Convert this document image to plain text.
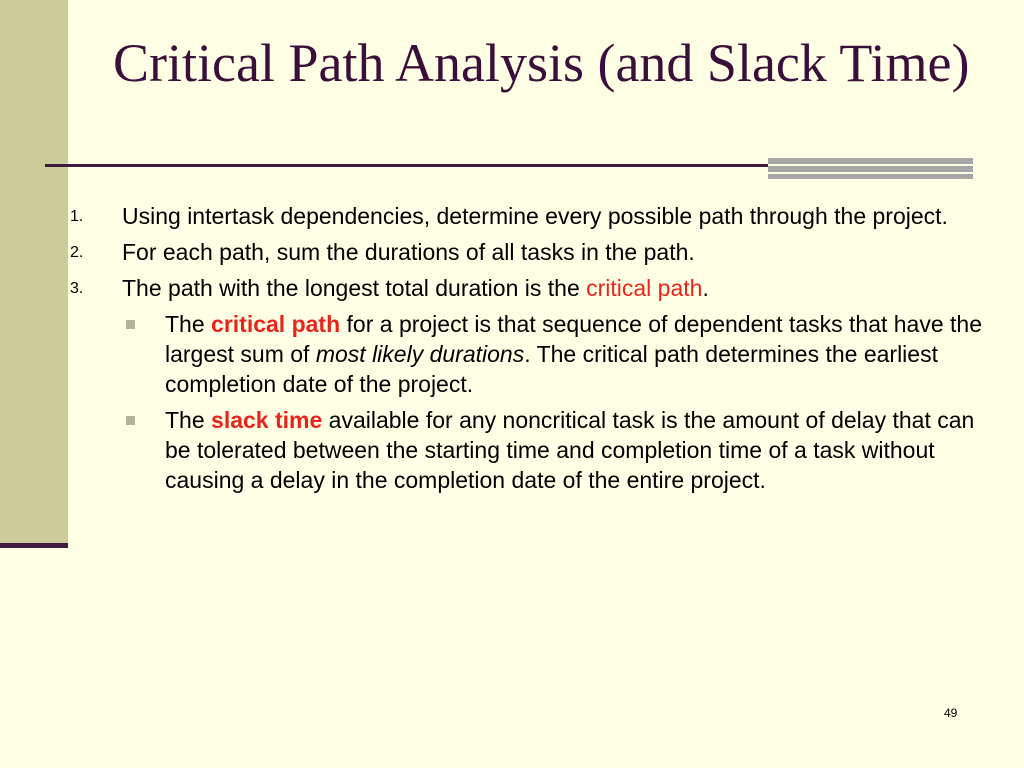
Critical Path Analysis (and Slack Time)
1. Using intertask dependencies, determine every possible path through the project.
2. For each path, sum the durations of all tasks in the path.
3. The path with the longest total duration is the critical path.
The critical path for a project is that sequence of dependent tasks that have the largest sum of most likely durations. The critical path determines the earliest completion date of the project.
The slack time available for any noncritical task is the amount of delay that can be tolerated between the starting time and completion time of a task without causing a delay in the completion date of the entire project.
49
